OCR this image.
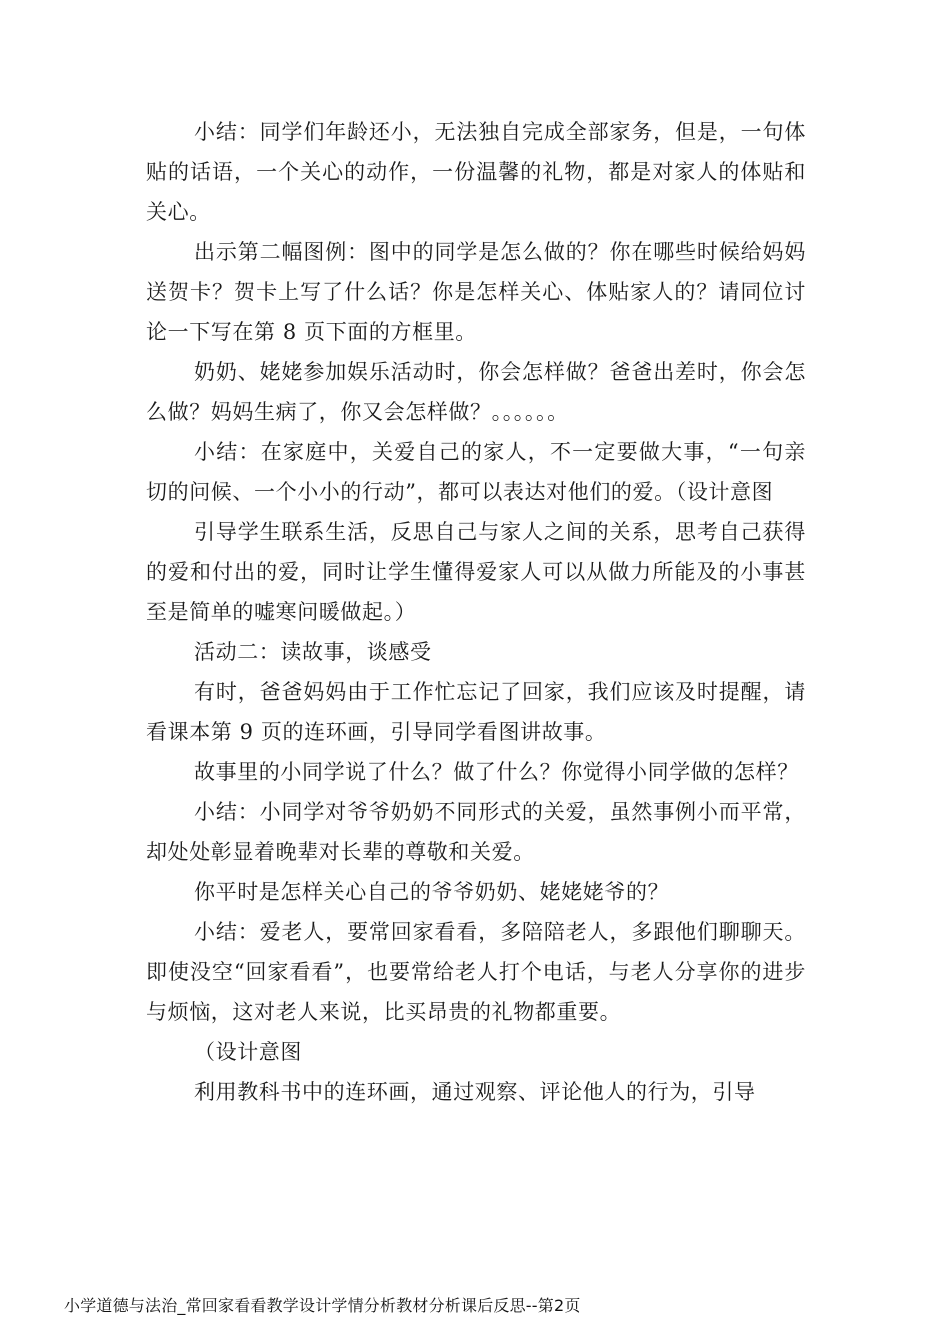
小结：同学们年龄还小，无法独自完成全部家务，但是，一句体贴的话语，一个关心的动作，一份温馨的礼物，都是对家人的体贴和关心。

出示第二幅图例：图中的同学是怎么做的？你在哪些时候给妈妈送贺卡？贺卡上写了什么话？你是怎样关心、体贴家人的？请同位讨论一下写在第 8 页下面的方框里。

奶奶、姥姥参加娱乐活动时，你会怎样做？爸爸出差时，你会怎么做？妈妈生病了，你又会怎样做？。。。。。。

小结：在家庭中，关爱自己的家人，不一定要做大事，“一句亲切的问候、一个小小的行动”，都可以表达对他们的爱。（设计意图

引导学生联系生活，反思自己与家人之间的关系，思考自己获得的爱和付出的爱，同时让学生懂得爱家人可以从做力所能及的小事甚至是简单的嘘寒问暖做起。）

活动二：读故事，谈感受

有时，爸爸妈妈由于工作忙忘记了回家，我们应该及时提醒，请看课本第 9 页的连环画，引导同学看图讲故事。

故事里的小同学说了什么？做了什么？你觉得小同学做的怎样？

小结：小同学对爷爷奶奶不同形式的关爱，虽然事例小而平常，却处处彰显着晚辈对长辈的尊敬和关爱。

你平时是怎样关心自己的爷爷奶奶、姥姥姥爷的？

小结：爱老人，要常回家看看，多陪陪老人，多跟他们聊聊天。即使没空“回家看看”，也要常给老人打个电话，与老人分享你的进步与烦恼，这对老人来说，比买昂贵的礼物都重要。

（设计意图

利用教科书中的连环画，通过观察、评论他人的行为，引导

小学道德与法治_常回家看看教学设计学情分析教材分析课后反思--第2页
